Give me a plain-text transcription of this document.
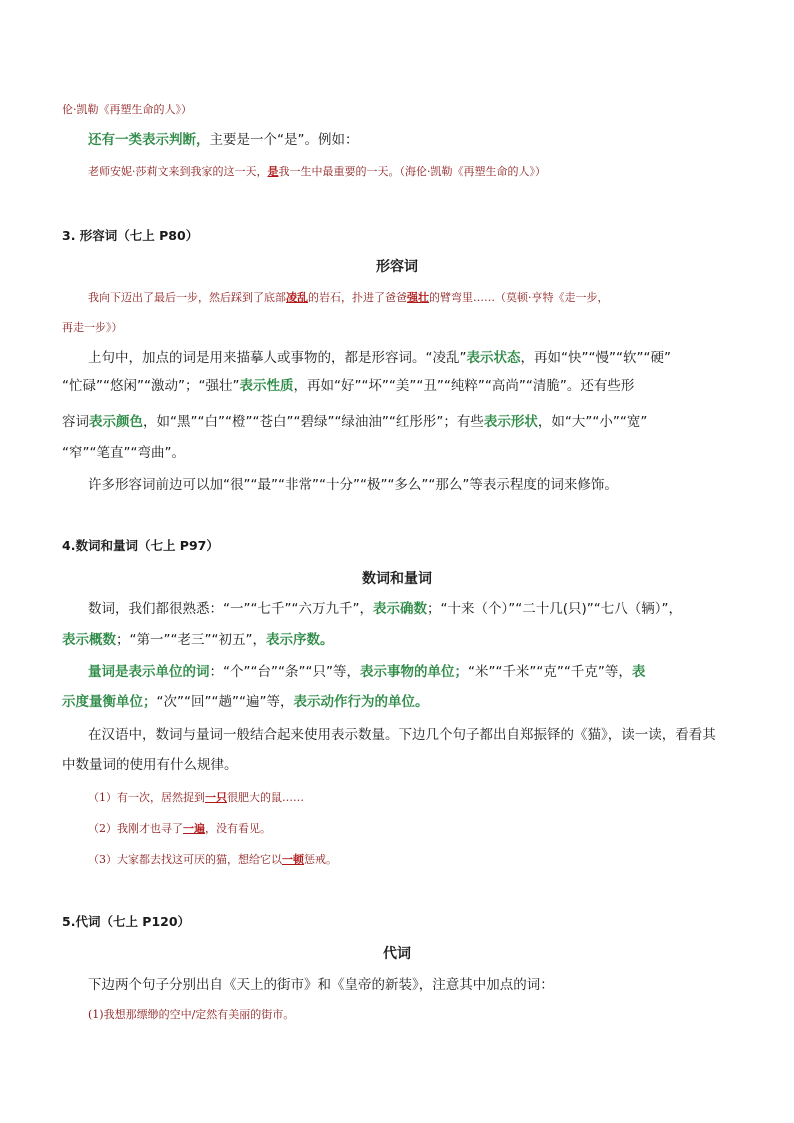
伦·凯勒《再塑生命的人》）
还有一类表示判断，主要是一个“是”。例如：
老师安妮·莎莉文来到我家的这一天，是我一生中最重要的一天。（海伦·凯勒《再塑生命的人》）
3. 形容词（七上 P80）
形容词
我向下迈出了最后一步，然后踩到了底部凌乱的岩石，扑进了爸爸强壮的臂弯里……（莫顿·亨特《走一步，
再走一步》）
上句中，加点的词是用来描摹人或事物的，都是形容词。“凌乱”表示状态，再如“快”“慢”“软”“硬”
“忙碌”“悠闲”“激动”；“强壮”表示性质，再如“好”“坏”“美”“丑”“纯粹”“高尚”“清脆”。还有些形
容词表示颜色，如“黑”“白”“橙”“苍白”“碧绿”“绿油油”“红彤彤”；有些表示形状，如“大”“小”“宽”
“窄”“笔直”“弯曲”。
许多形容词前边可以加“很”“最”“非常”“十分”“极”“多么”“那么”等表示程度的词来修饰。
4.数词和量词（七上 P97）
数词和量词
数词，我们都很熟悉：“一”“七千”“六万九千”，表示确数；“十来（个）”“二十几(只)”“七八（辆）”，
表示概数；“第一”“老三”“初五”，表示序数。
量词是表示单位的词：“个”“台”“条”“只”等，表示事物的单位；“米”“千米”“克”“千克”等，表
示度量衡单位；“次”“回”“趟”“遍”等，表示动作行为的单位。
在汉语中，数词与量词一般结合起来使用表示数量。下边几个句子都出自郑振铎的《猫》，读一读，看看其
中数量词的使用有什么规律。
（1）有一次，居然捉到一只很肥大的鼠……
（2）我刚才也寻了一遍，没有看见。
（3）大家都去找这可厌的猫，想给它以一顿惩戒。
5.代词（七上 P120）
代词
下边两个句子分别出自《天上的街市》和《皇帝的新装》，注意其中加点的词：
(1)我想那缥缈的空中/定然有美丽的街市。
